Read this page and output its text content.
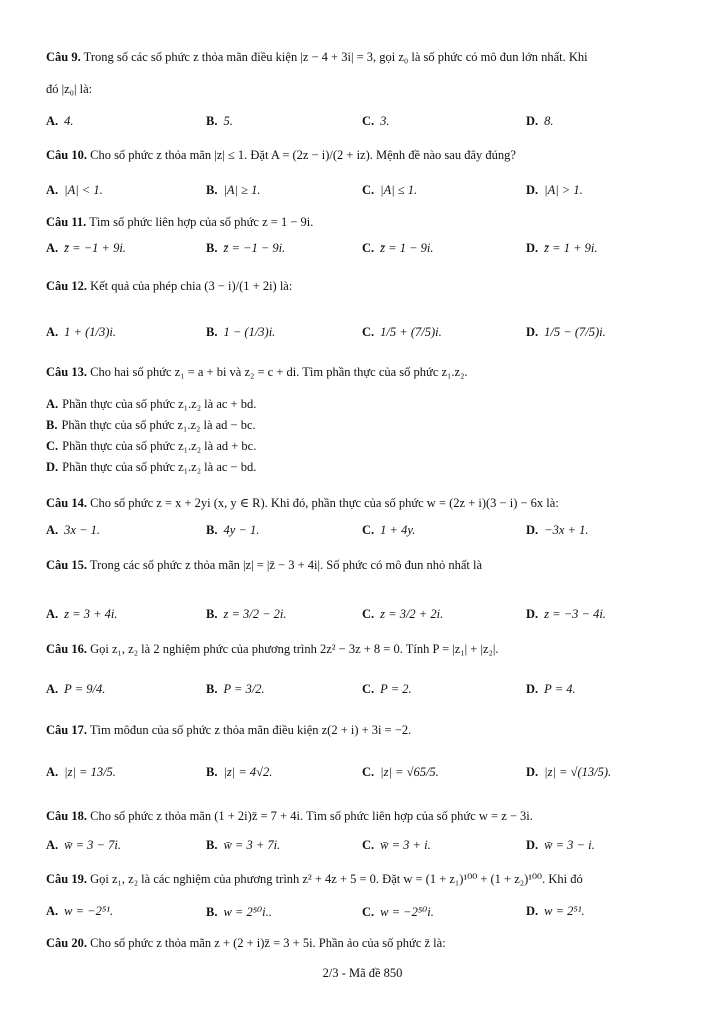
Câu 9. Trong số các số phức z thỏa mãn điều kiện |z − 4 + 3i| = 3, gọi z₀ là số phức có mô đun lớn nhất. Khi
đó |z₀| là:
A. 4.	B. 5.	C. 3.	D. 8.
Câu 10. Cho số phức z thỏa mãn |z| ≤ 1. Đặt A = (2z − i)/(2 + iz). Mệnh đề nào sau đây đúng?
A. |A| < 1.	B. |A| ≥ 1.	C. |A| ≤ 1.	D. |A| > 1.
Câu 11. Tìm số phức liên hợp của số phức z = 1 − 9i.
A. z̄ = −1 + 9i.	B. z̄ = −1 − 9i.	C. z̄ = 1 − 9i.	D. z̄ = 1 + 9i.
Câu 12. Kết quả của phép chia (3 − i)/(1 + 2i) là:
A. 1 + (1/3)i.	B. 1 − (1/3)i.	C. 1/5 + (7/5)i.	D. 1/5 − (7/5)i.
Câu 13. Cho hai số phức z₁ = a + bi và z₂ = c + di. Tìm phần thực của số phức z₁.z₂.
A. Phần thực của số phức z₁.z₂ là ac + bd.
B. Phần thực của số phức z₁.z₂ là ad − bc.
C. Phần thực của số phức z₁.z₂ là ad + bc.
D. Phần thực của số phức z₁.z₂ là ac − bd.
Câu 14. Cho số phức z = x + 2yi (x, y ∈ R). Khi đó, phần thực của số phức w = (2z + i)(3 − i) − 6x là:
A. 3x − 1.	B. 4y − 1.	C. 1 + 4y.	D. −3x + 1.
Câu 15. Trong các số phức z thỏa mãn |z| = |z̄ − 3 + 4i|. Số phức có mô đun nhỏ nhất là
A. z = 3 + 4i.	B. z = 3/2 − 2i.	C. z = 3/2 + 2i.	D. z = −3 − 4i.
Câu 16. Gọi z₁, z₂ là 2 nghiệm phức của phương trình 2z² − 3z + 8 = 0. Tính P = |z₁| + |z₂|.
A. P = 9/4.	B. P = 3/2.	C. P = 2.	D. P = 4.
Câu 17. Tìm môđun của số phức z thỏa mãn điều kiện z(2 + i) + 3i = −2.
A. |z| = 13/5.	B. |z| = 4√2.	C. |z| = √65/5.	D. |z| = √(13/5).
Câu 18. Cho số phức z thỏa mãn (1 + 2i)z̄ = 7 + 4i. Tìm số phức liên hợp của số phức w = z − 3i.
A. w̄ = 3 − 7i.	B. w̄ = 3 + 7i.	C. w̄ = 3 + i.	D. w̄ = 3 − i.
Câu 19. Gọi z₁, z₂ là các nghiệm của phương trình z² + 4z + 5 = 0. Đặt w = (1 + z₁)¹⁰⁰ + (1 + z₂)¹⁰⁰. Khi đó
A. w = −2⁵¹.	B. w = 2⁵⁰i..	C. w = −2⁵⁰i.	D. w = 2⁵¹.
Câu 20. Cho số phức z thỏa mãn z + (2 + i)z̄ = 3 + 5i. Phần ảo của số phức z̄ là:
2/3 - Mã đề 850
